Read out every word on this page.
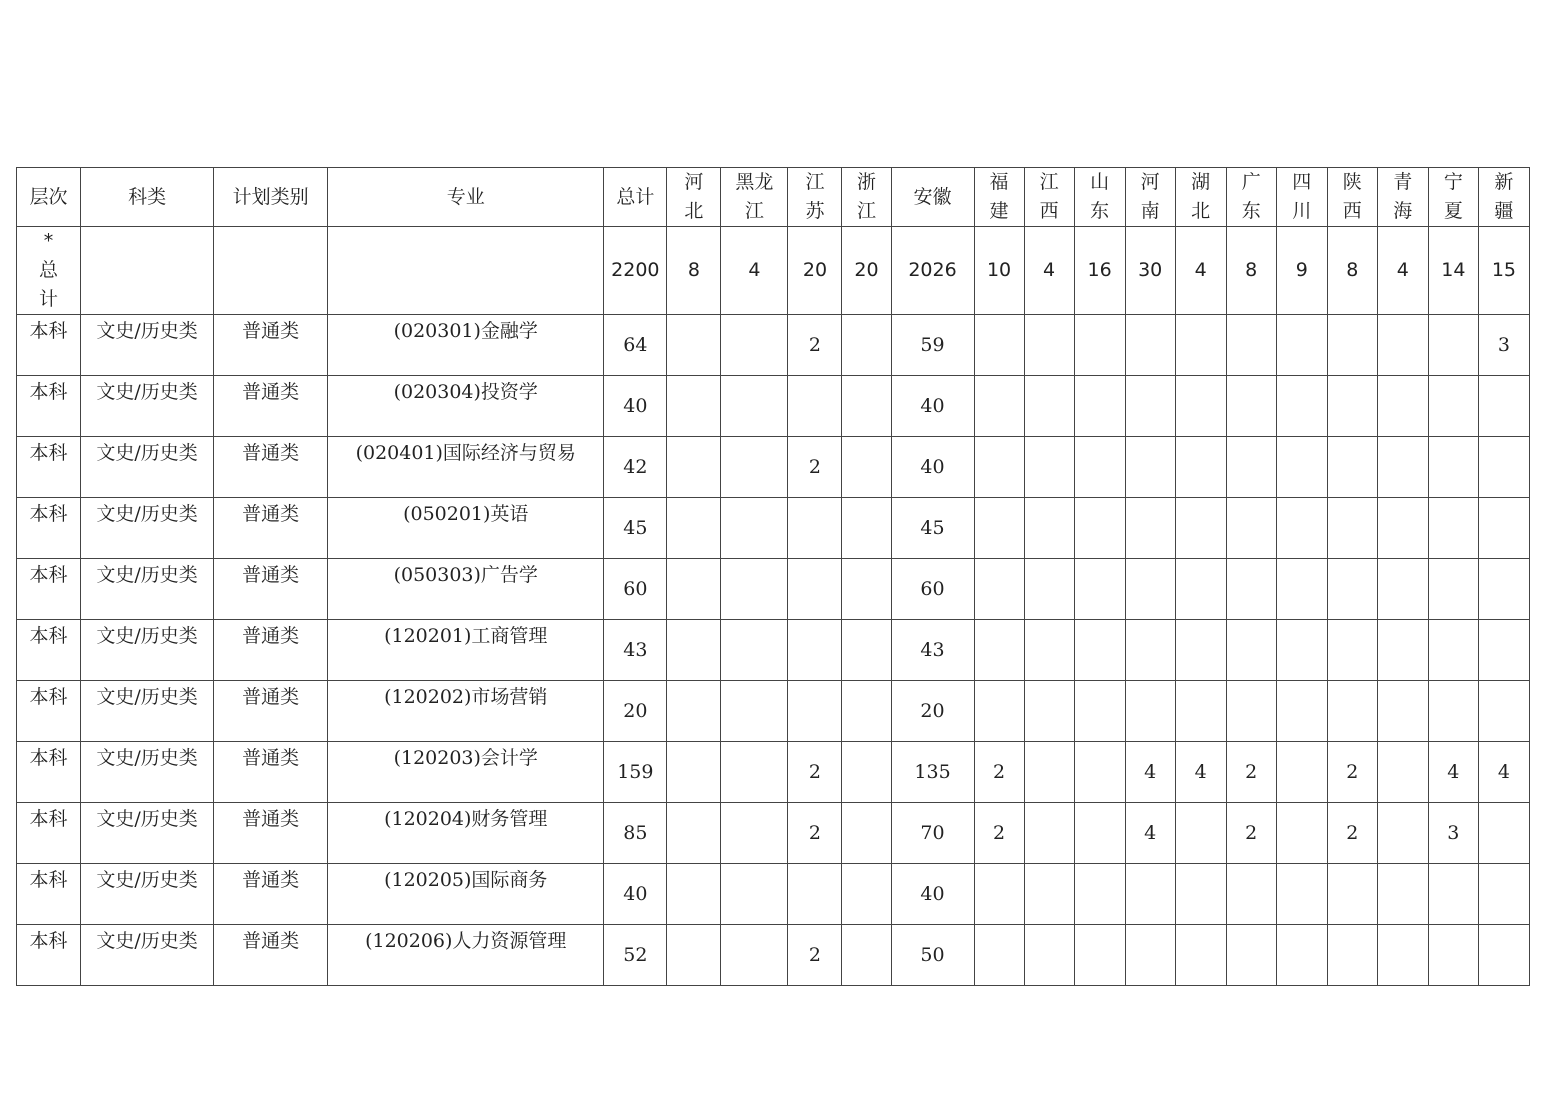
层次	科类	计划类别	专业	总计	河北	黑龙江	江苏	浙江	安徽	福建	江西	山东	河南	湖北	广东	四川	陕西	青海	宁夏	新疆
*总计				2200	8	4	20	20	2026	10	4	16	30	4	8	9	8	4	14	15
本科	文史/历史类	普通类	(020301)金融学	64			2		59											3
本科	文史/历史类	普通类	(020304)投资学	40					40											
本科	文史/历史类	普通类	(020401)国际经济与贸易	42			2		40											
本科	文史/历史类	普通类	(050201)英语	45					45											
本科	文史/历史类	普通类	(050303)广告学	60					60											
本科	文史/历史类	普通类	(120201)工商管理	43					43											
本科	文史/历史类	普通类	(120202)市场营销	20					20											
本科	文史/历史类	普通类	(120203)会计学	159			2		135	2			4	4	2		2		4	4
本科	文史/历史类	普通类	(120204)财务管理	85			2		70	2			4		2		2		3	
本科	文史/历史类	普通类	(120205)国际商务	40					40											
本科	文史/历史类	普通类	(120206)人力资源管理	52			2		50											
